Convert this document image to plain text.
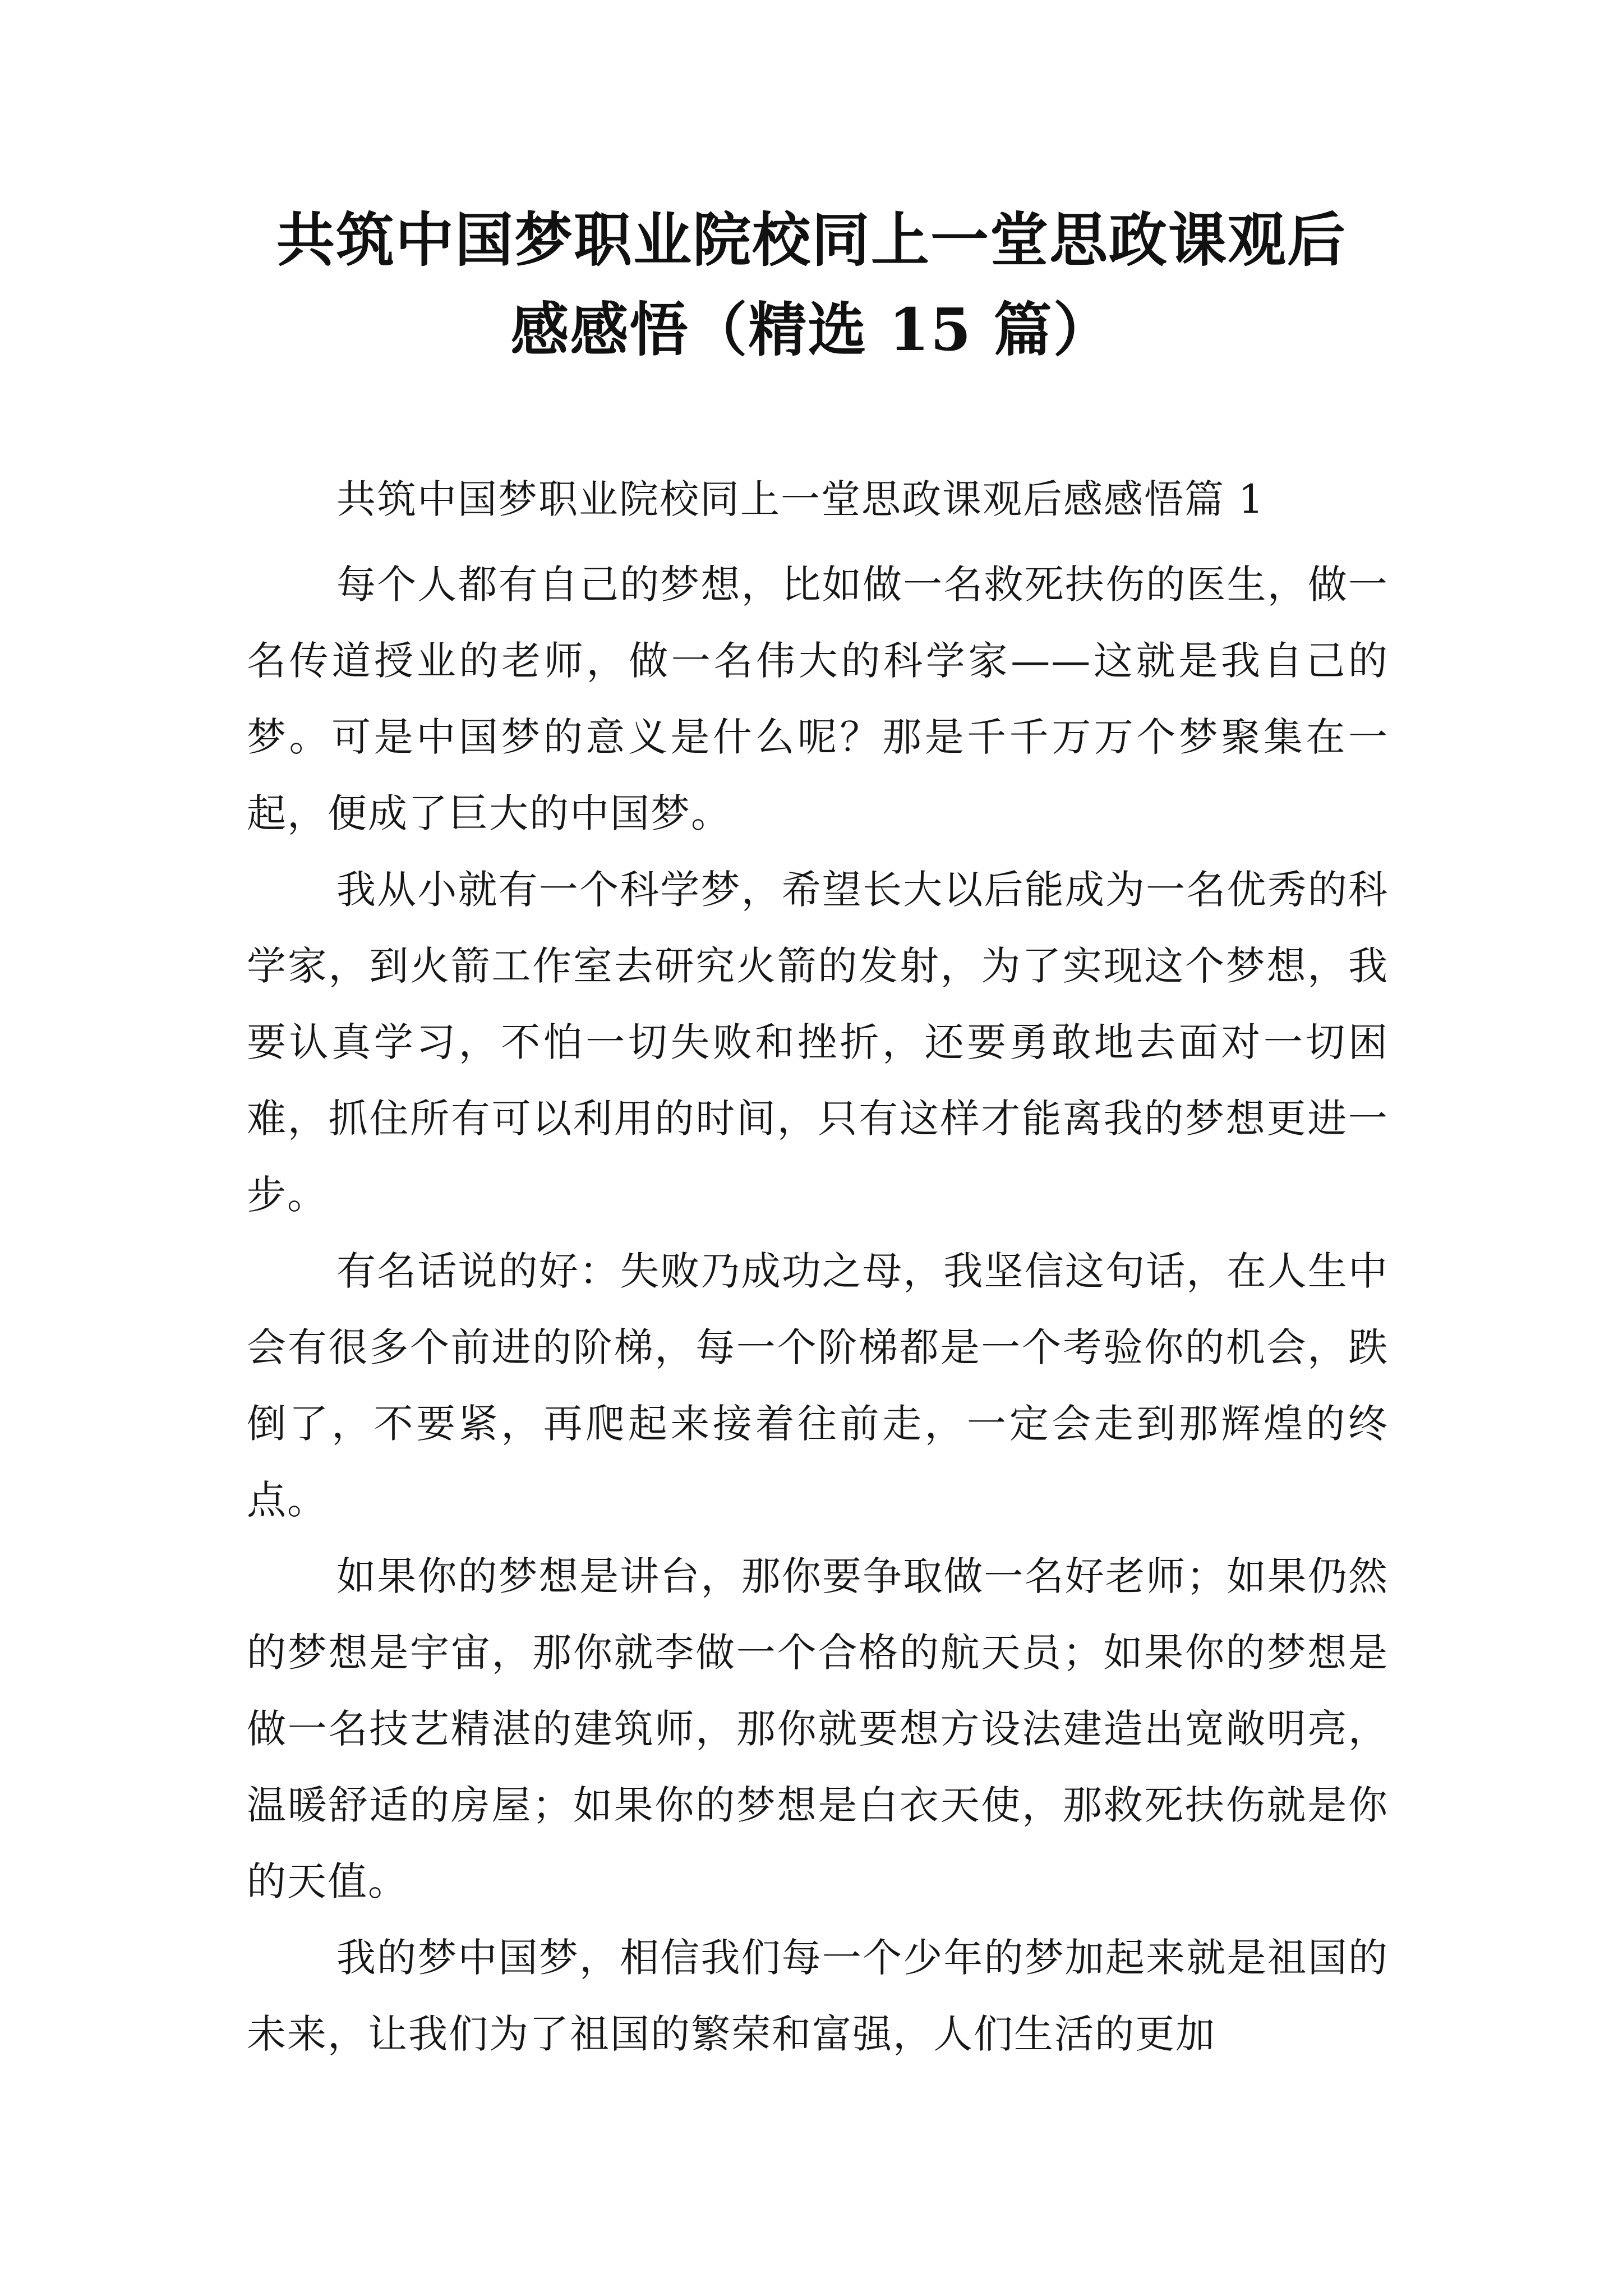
共筑中国梦职业院校同上一堂思政课观后
感感悟（精选 15 篇）

共筑中国梦职业院校同上一堂思政课观后感感悟篇 1

每个人都有自己的梦想，比如做一名救死扶伤的医生，做一名传道授业的老师，做一名伟大的科学家——这就是我自己的梦。可是中国梦的意义是什么呢？那是千千万万个梦聚集在一起，便成了巨大的中国梦。

我从小就有一个科学梦，希望长大以后能成为一名优秀的科学家，到火箭工作室去研究火箭的发射，为了实现这个梦想，我要认真学习，不怕一切失败和挫折，还要勇敢地去面对一切困难，抓住所有可以利用的时间，只有这样才能离我的梦想更进一步。

有名话说的好：失败乃成功之母，我坚信这句话，在人生中会有很多个前进的阶梯，每一个阶梯都是一个考验你的机会，跌倒了，不要紧，再爬起来接着往前走，一定会走到那辉煌的终点。

如果你的梦想是讲台，那你要争取做一名好老师；如果仍然的梦想是宇宙，那你就李做一个合格的航天员；如果你的梦想是做一名技艺精湛的建筑师，那你就要想方设法建造出宽敞明亮，温暖舒适的房屋；如果你的梦想是白衣天使，那救死扶伤就是你的天值。

我的梦中国梦，相信我们每一个少年的梦加起来就是祖国的未来，让我们为了祖国的繁荣和富强，人们生活的更加
